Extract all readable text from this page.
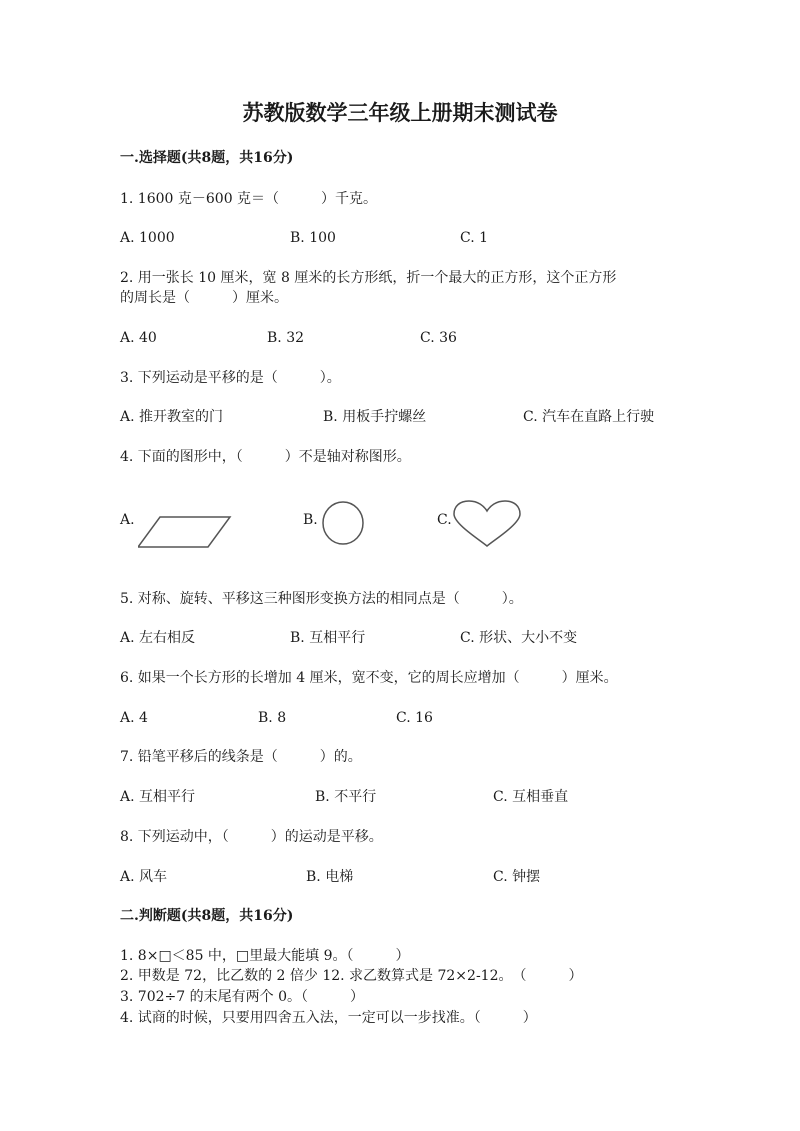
苏教版数学三年级上册期末测试卷
一.选择题(共8题，共16分)
1. 1600 克－600 克＝（　　　）千克。
A. 1000	B. 100	C. 1
2. 用一张长 10 厘米，宽 8 厘米的长方形纸，折一个最大的正方形，这个正方形
的周长是（　　　）厘米。
A. 40	B. 32	C. 36
3. 下列运动是平移的是（　　　）。
A. 推开教室的门	B. 用板手拧螺丝	C. 汽车在直路上行驶
4. 下面的图形中，（　　　）不是轴对称图形。
A.	B.	C.
5. 对称、旋转、平移这三种图形变换方法的相同点是（　　　）。
A. 左右相反	B. 互相平行	C. 形状、大小不变
6. 如果一个长方形的长增加 4 厘米，宽不变，它的周长应增加（　　　）厘米。
A. 4	B. 8	C. 16
7. 铅笔平移后的线条是（　　　）的。
A. 互相平行	B. 不平行	C. 互相垂直
8. 下列运动中，（　　　）的运动是平移。
A. 风车	B. 电梯	C. 钟摆
二.判断题(共8题，共16分)
1. 8×□＜85 中，□里最大能填 9。（　　　）
2. 甲数是 72，比乙数的 2 倍少 12. 求乙数算式是 72×2-12。　（　　　）
3. 702÷7 的末尾有两个 0。（　　　）
4. 试商的时候，只要用四舍五入法，一定可以一步找准。（　　　）
